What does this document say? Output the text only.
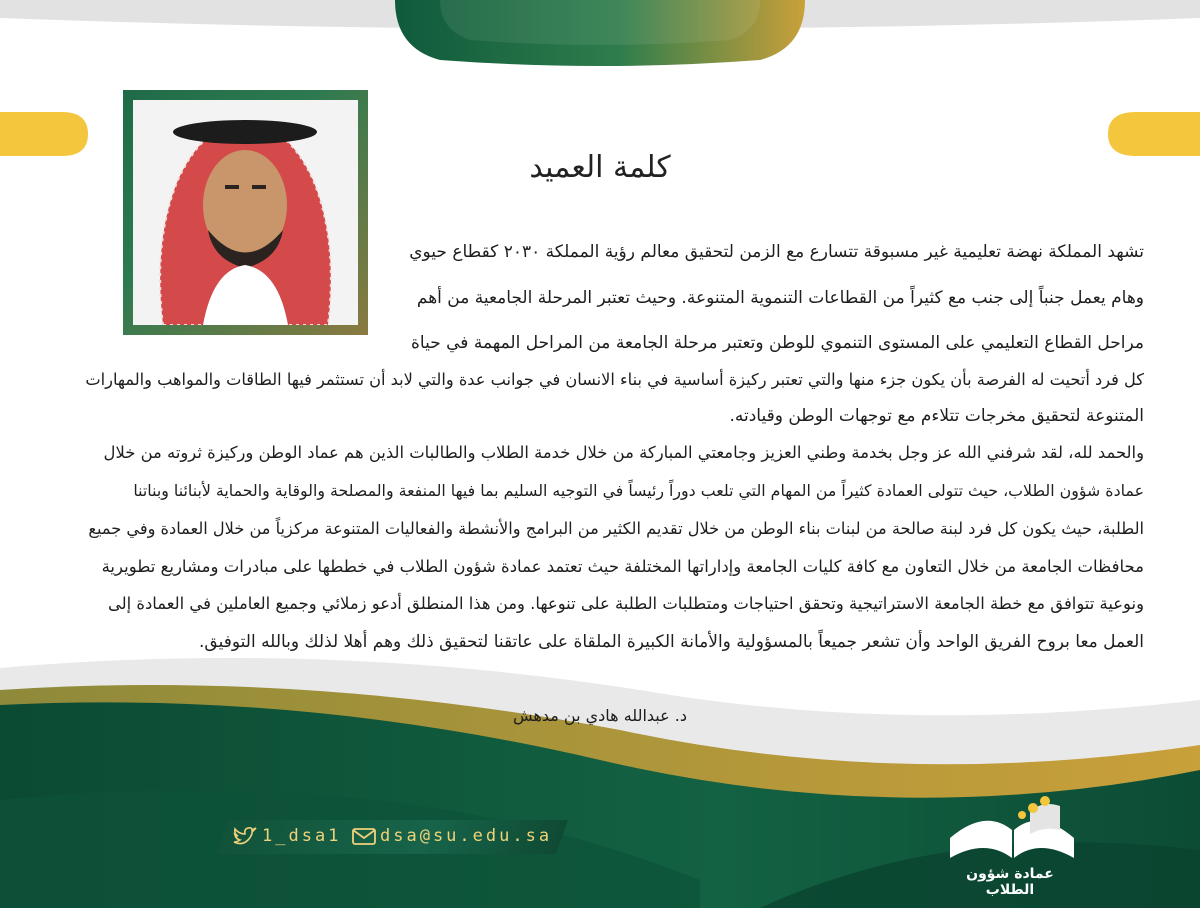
كلمة العميد
تشهد المملكة نهضة تعليمية غير مسبوقة تتسارع مع الزمن لتحقيق معالم رؤية المملكة ٢٠٣٠ كقطاع حيوي
وهام يعمل جنباً إلى جنب مع كثيراً من القطاعات التنموية المتنوعة. وحيث تعتبر المرحلة الجامعية من أهم
مراحل القطاع التعليمي على المستوى التنموي للوطن وتعتبر مرحلة الجامعة من المراحل المهمة في حياة
كل فرد أتحيت له الفرصة بأن يكون جزء منها والتي تعتبر ركيزة أساسية في بناء الانسان في جوانب عدة والتي لابد أن تستثمر فيها الطاقات والمواهب والمهارات
المتنوعة لتحقيق مخرجات تتلاءم مع توجهات الوطن وقيادته.
والحمد لله، لقد شرفني الله عز وجل بخدمة وطني العزيز وجامعتي المباركة من خلال خدمة الطلاب والطالبات الذين هم عماد الوطن وركيزة ثروته من خلال
عمادة شؤون الطلاب، حيث تتولى العمادة كثيراً من المهام التي تلعب دوراً رئيساً في التوجيه السليم بما فيها المنفعة والمصلحة والوقاية والحماية لأبنائنا وبناتنا
الطلبة، حيث يكون كل فرد لبنة صالحة من لبنات بناء الوطن من خلال تقديم الكثير من البرامج والأنشطة والفعاليات المتنوعة مركزياً من خلال العمادة وفي جميع
محافظات الجامعة من خلال التعاون مع كافة كليات الجامعة وإداراتها المختلفة حيث تعتمد عمادة شؤون الطلاب في خططها على مبادرات ومشاريع تطويرية
ونوعية تتوافق مع خطة الجامعة الاستراتيجية وتحقق احتياجات ومتطلبات الطلبة على تنوعها. ومن هذا المنطلق أدعو زملائي وجميع العاملين في العمادة إلى
العمل معا بروح الفريق الواحد وأن تشعر جميعاً بالمسؤولية والأمانة الكبيرة الملقاة على عاتقنا لتحقيق ذلك وهم أهلا لذلك وبالله التوفيق.
د. عبدالله هادي بن مدهش
1_dsa1 dsa@su.edu.sa
عمادة شؤون الطلاب
